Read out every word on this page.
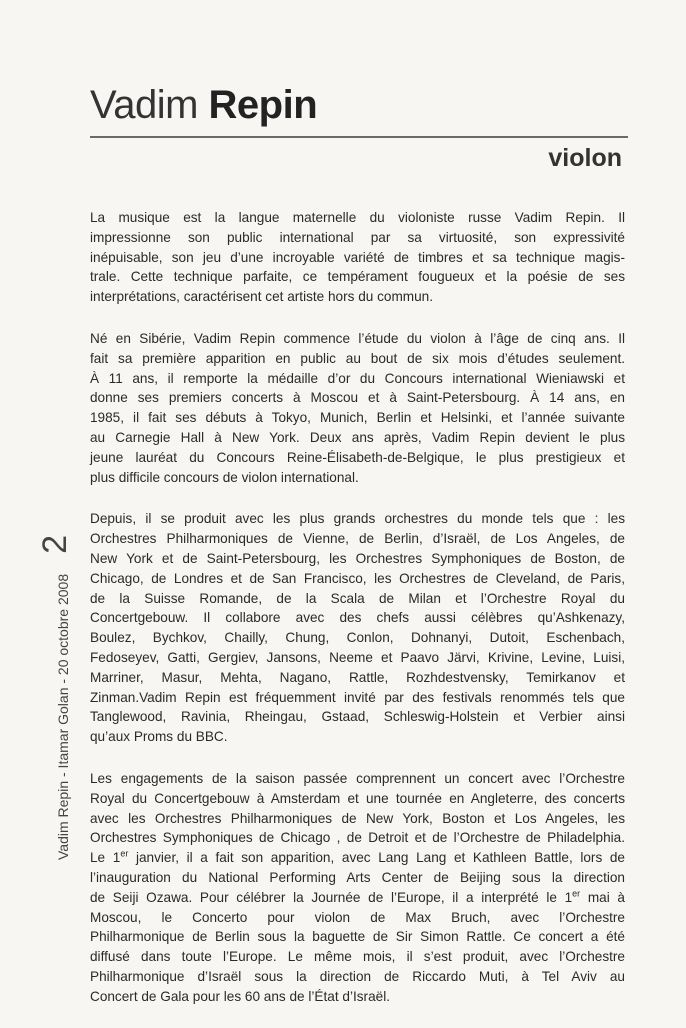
Vadim Repin
violon
Vadim Repin - Itamar Golan - 20 octobre 2008
2

La musique est la langue maternelle du violoniste russe Vadim Repin. Il
impressionne son public international par sa virtuosité, son expressivité
inépuisable, son jeu d’une incroyable variété de timbres et sa technique magis-
trale. Cette technique parfaite, ce tempérament fougueux et la poésie de ses
interprétations, caractérisent cet artiste hors du commun.

Né en Sibérie, Vadim Repin commence l’étude du violon à l’âge de cinq ans. Il
fait sa première apparition en public au bout de six mois d’études seulement.
À 11 ans, il remporte la médaille d’or du Concours international Wieniawski et
donne ses premiers concerts à Moscou et à Saint-Petersbourg. À 14 ans, en
1985, il fait ses débuts à Tokyo, Munich, Berlin et Helsinki, et l’année suivante
au Carnegie Hall à New York. Deux ans après, Vadim Repin devient le plus
jeune lauréat du Concours Reine-Élisabeth-de-Belgique, le plus prestigieux et
plus difficile concours de violon international.

Depuis, il se produit avec les plus grands orchestres du monde tels que : les
Orchestres Philharmoniques de Vienne, de Berlin, d’Israël, de Los Angeles, de
New York et de Saint-Petersbourg, les Orchestres Symphoniques de Boston, de
Chicago, de Londres et de San Francisco, les Orchestres de Cleveland, de Paris,
de la Suisse Romande, de la Scala de Milan et l’Orchestre Royal du
Concertgebouw. Il collabore avec des chefs aussi célèbres qu’Ashkenazy,
Boulez, Bychkov, Chailly, Chung, Conlon, Dohnanyi, Dutoit, Eschenbach,
Fedoseyev, Gatti, Gergiev, Jansons, Neeme et Paavo Järvi, Krivine, Levine, Luisi,
Marriner, Masur, Mehta, Nagano, Rattle, Rozhdestvensky, Temirkanov et
Zinman.Vadim Repin est fréquemment invité par des festivals renommés tels que
Tanglewood, Ravinia, Rheingau, Gstaad, Schleswig-Holstein et Verbier ainsi
qu’aux Proms du BBC.

Les engagements de la saison passée comprennent un concert avec l’Orchestre
Royal du Concertgebouw à Amsterdam et une tournée en Angleterre, des concerts
avec les Orchestres Philharmoniques de New York, Boston et Los Angeles, les
Orchestres Symphoniques de Chicago , de Detroit et de l’Orchestre de Philadelphia.
Le 1er janvier, il a fait son apparition, avec Lang Lang et Kathleen Battle, lors de
l’inauguration du National Performing Arts Center de Beijing sous la direction
de Seiji Ozawa. Pour célébrer la Journée de l’Europe, il a interprété le 1er mai à
Moscou, le Concerto pour violon de Max Bruch, avec l’Orchestre
Philharmonique de Berlin sous la baguette de Sir Simon Rattle. Ce concert a été
diffusé dans toute l’Europe. Le même mois, il s’est produit, avec l’Orchestre
Philharmonique d’Israël sous la direction de Riccardo Muti, à Tel Aviv au
Concert de Gala pour les 60 ans de l’État d’Israël.
